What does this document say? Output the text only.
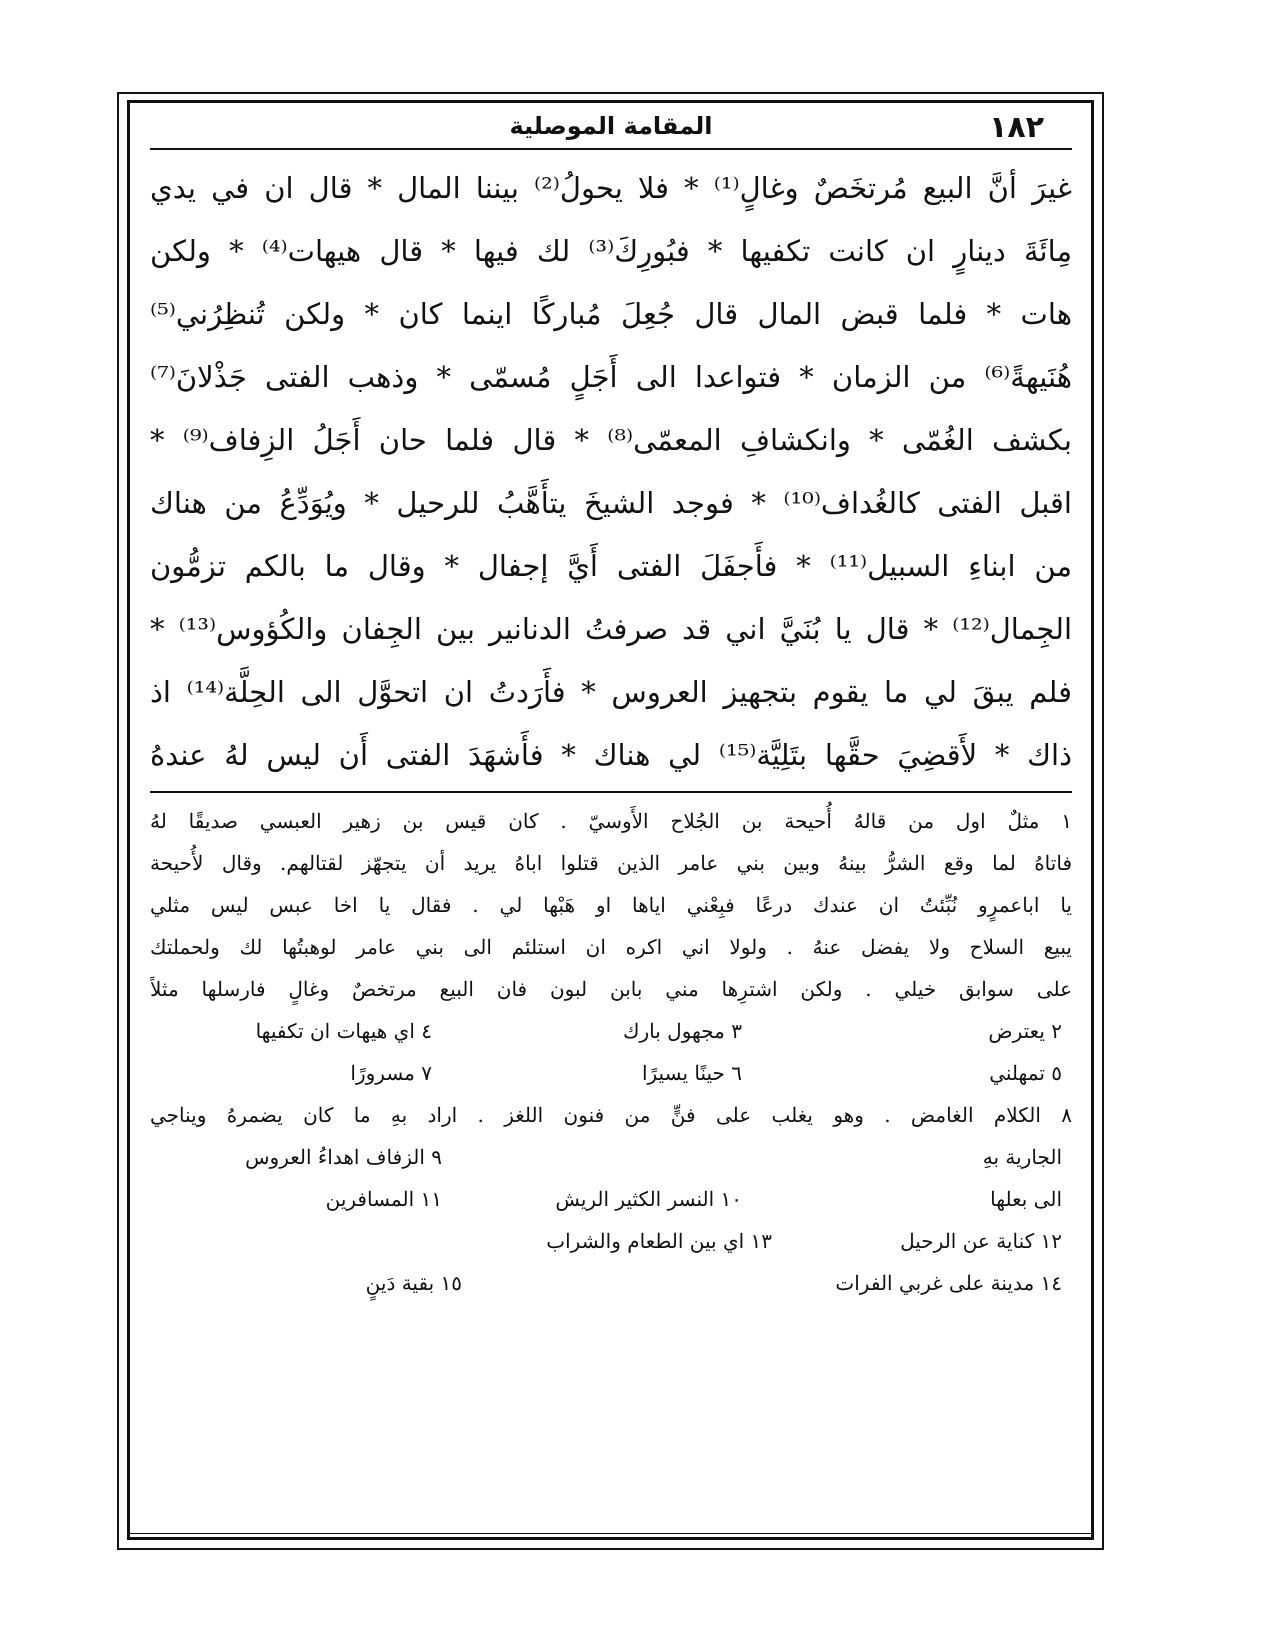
١٨٢
المقامة الموصلية
غيرَ أنَّ البيع مُرتخَصٌ وغالٍ⁽¹⁾ * فلا يحولُ⁽²⁾ بيننا المال * قال ان في يدي
مِائَةَ دينارٍ ان كانت تكفيها * فبُورِكَ⁽³⁾ لك فيها * قال هيهات⁽⁴⁾ * ولكن
هات * فلما قبض المال قال جُعِلَ مُباركًا اينما كان * ولكن تُنظِرُني⁽⁵⁾
هُنَيهةً⁽⁶⁾ من الزمان * فتواعدا الى أَجَلٍ مُسمّى * وذهب الفتى جَذْلانَ⁽⁷⁾
بكشف الغُمّى * وانكشافِ المعمّى⁽⁸⁾ * قال فلما حان أَجَلُ الزِفاف⁽⁹⁾ *
اقبل الفتى كالغُداف⁽¹⁰⁾ * فوجد الشيخَ يتأَهَّبُ للرحيل * ويُوَدِّعُ من هناك
من ابناءِ السبيل⁽¹¹⁾ * فأَجفَلَ الفتى أَيَّ إجفال * وقال ما بالكم تزمُّون
الجِمال⁽¹²⁾ * قال يا بُنَيَّ اني قد صرفتُ الدنانير بين الجِفان والكُؤوس⁽¹³⁾ *
فلم يبقَ لي ما يقوم بتجهيز العروس * فأَرَدتُ ان اتحوَّل الى الحِلَّة⁽¹⁴⁾ اذ
ذاك * لأَقضِيَ حقَّها بتَلِيَّة⁽¹⁵⁾ لي هناك * فأَشهَدَ الفتى أَن ليس لهُ عندهُ
١ مثلٌ اول من قالهُ أُحيحة بن الجُلاح الأَوسيّ . كان قيس بن زهير العبسي صديقًا لهُ
فاتاهُ لما وقع الشرُّ بينهُ وبين بني عامر الذين قتلوا اباهُ يريد أن يتجهّز لقتالهم. وقال لأُحيحة
يا اباعمرٍو نُبِّئتُ ان عندك درعًا فبِعْني اياها او هَبْها لي . فقال يا اخا عبس ليس مثلي
يبيع السلاح ولا يفضل عنهُ . ولولا اني اكره ان استلئم الى بني عامر لوهبتُها لك ولحملتك
على سوابق خيلي . ولكن اشترِها مني بابن لبون فان البيع مرتخصٌ وغالٍ فارسلها مثلاً
٢ يعترض
٣ مجهول بارك
٤ اي هيهات ان تكفيها
٥ تمهلني
٦ حينًا يسيرًا
٧ مسرورًا
٨ الكلام الغامض . وهو يغلب على فنٍّ من فنون اللغز . اراد بهِ ما كان يضمرهُ ويناجي
الجارية بهِ
٩ الزفاف اهداءُ العروس
الى بعلها
١٠ النسر الكثير الريش
١١ المسافرين
١٢ كناية عن الرحيل
١٣ اي بين الطعام والشراب
١٤ مدينة على غربي الفرات
١٥ بقية دَينٍ
